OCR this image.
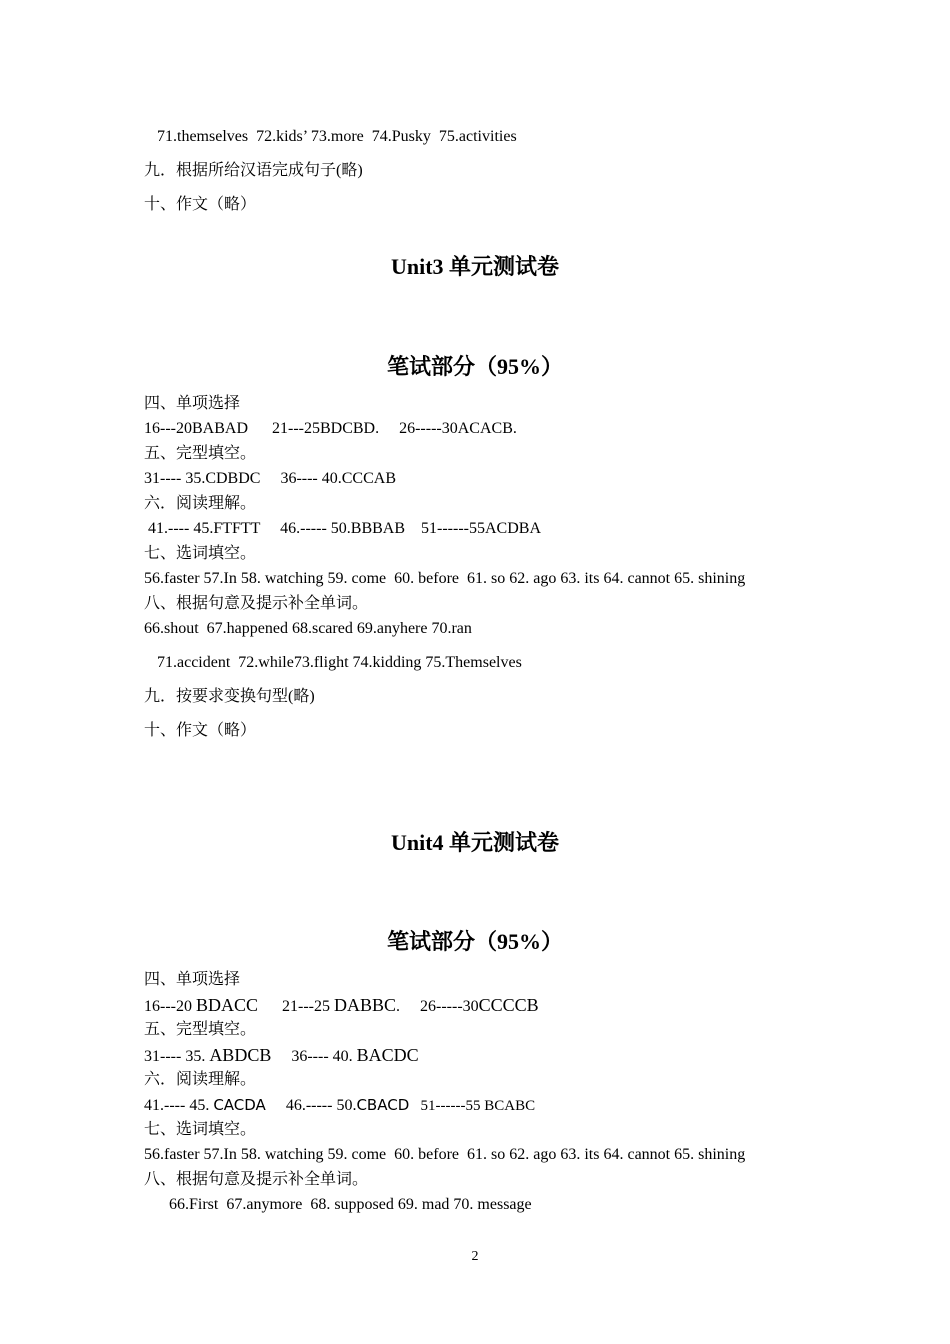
71.themselves  72.kids’ 73.more  74.Pusky  75.activities
九．根据所给汉语完成句子(略)
十、作文（略）
Unit3 单元测试卷
笔试部分（95%）
四、单项选择
16---20BABAD      21---25BDCBD.     26-----30ACACB.
五、完型填空。
31---- 35.CDBDC     36---- 40.CCCAB
六．阅读理解。
41.---- 45.FTFTT     46.----- 50.BBBAB    51------55ACDBA
七、选词填空。
56.faster 57.In 58. watching 59. come  60. before  61. so 62. ago 63. its 64. cannot 65. shining
八、根据句意及提示补全单词。
66.shout  67.happened 68.scared 69.anyhere 70.ran
71.accident  72.while73.flight 74.kidding 75.Themselves
九．按要求变换句型(略)
十、作文（略）
Unit4 单元测试卷
笔试部分（95%）
四、单项选择
16---20 BDACC      21---25 DABBC.     26-----30CCCCB
五、完型填空。
31---- 35. ABDCB     36---- 40. BACDC
六．阅读理解。
41.---- 45. CACDA     46.----- 50.CBACD   51------55 BCABC
七、选词填空。
56.faster 57.In 58. watching 59. come  60. before  61. so 62. ago 63. its 64. cannot 65. shining
八、根据句意及提示补全单词。
66.First  67.anymore  68. supposed 69. mad 70. message
2
